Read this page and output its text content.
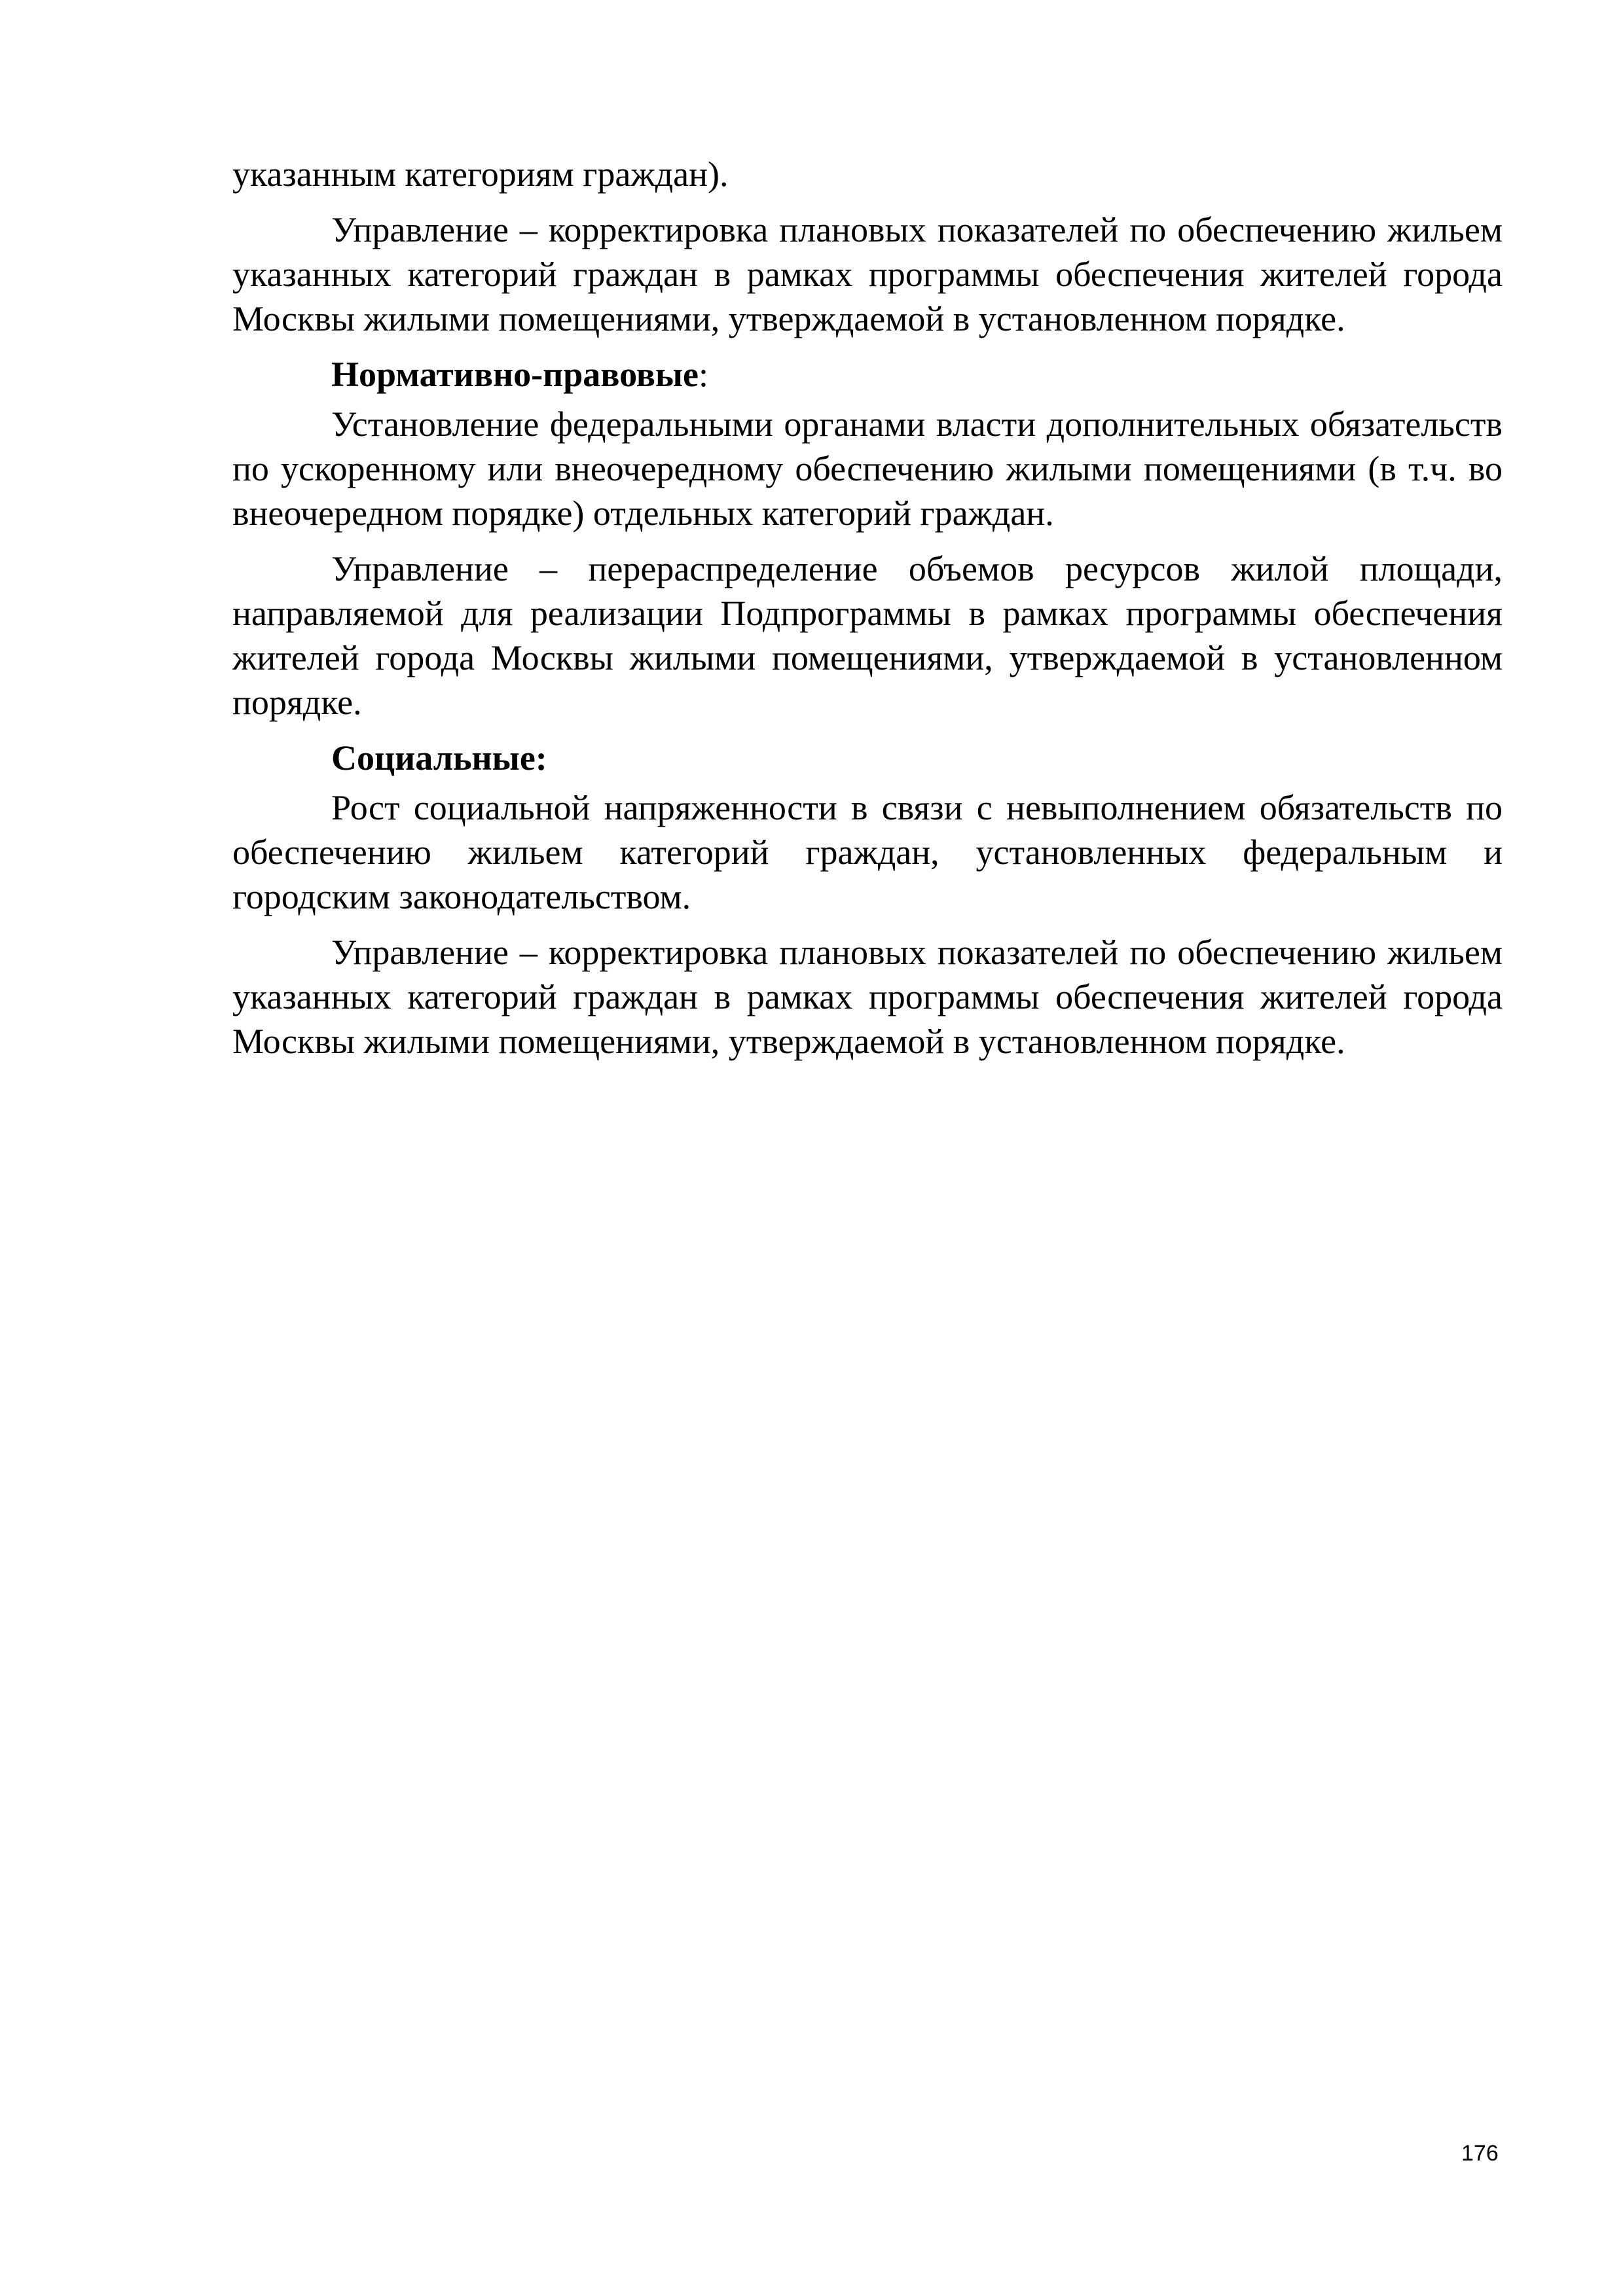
указанным категориям граждан).

Управление – корректировка плановых показателей по обеспечению жильем указанных категорий граждан в рамках программы обеспечения жителей города Москвы жилыми помещениями, утверждаемой в установленном порядке.

Нормативно-правовые:

Установление федеральными органами власти дополнительных обязательств по ускоренному или внеочередному обеспечению жилыми помещениями (в т.ч. во внеочередном порядке) отдельных категорий граждан.

Управление – перераспределение объемов ресурсов жилой площади, направляемой для реализации Подпрограммы в рамках программы обеспечения жителей города Москвы жилыми помещениями, утверждаемой в установленном порядке.

Социальные:

Рост социальной напряженности в связи с невыполнением обязательств по обеспечению жильем категорий граждан, установленных федеральным и городским законодательством.

Управление – корректировка плановых показателей по обеспечению жильем указанных категорий граждан в рамках программы обеспечения жителей города Москвы жилыми помещениями, утверждаемой в установленном порядке.

176
